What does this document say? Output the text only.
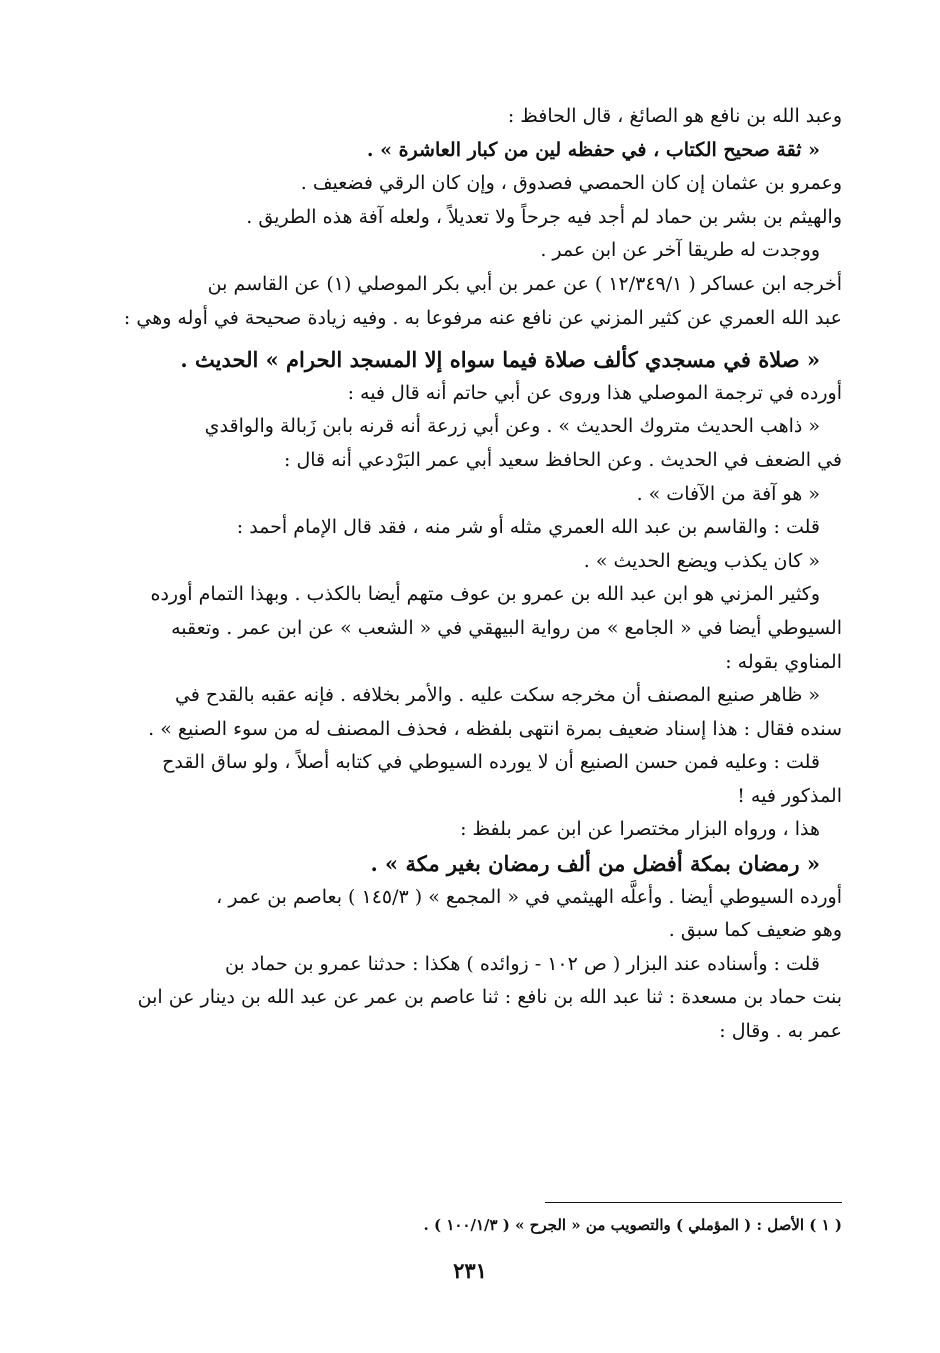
وعبد الله بن نافع هو الصائغ ، قال الحافظ :

« ثقة صحيح الكتاب ، في حفظه لين من كبار العاشرة » .

وعمرو بن عثمان إن كان الحمصي فصدوق ، وإن كان الرقي فضعيف .

والهيثم بن بشر بن حماد لم أجد فيه جرحاً ولا تعديلاً ، ولعله آفة هذه الطريق .

ووجدت له طريقا آخر عن ابن عمر .

أخرجه ابن عساكر ( ١٢/٣٤٩/١ ) عن عمر بن أبي بكر الموصلي (١) عن القاسم بن

عبد الله العمري عن كثير المزني عن نافع عنه مرفوعا به . وفيه زيادة صحيحة في أوله وهي :

« صلاة في مسجدي كألف صلاة فيما سواه إلا المسجد الحرام » الحديث .

أورده في ترجمة الموصلي هذا وروى عن أبي حاتم أنه قال فيه :

« ذاهب الحديث متروك الحديث » . وعن أبي زرعة أنه قرنه بابن زَبالة والواقدي

في الضعف في الحديث . وعن الحافظ سعيد أبي عمر البَرْدعي أنه قال :

« هو آفة من الآفات » .

قلت : والقاسم بن عبد الله العمري مثله أو شر منه ، فقد قال الإمام أحمد :

« كان يكذب ويضع الحديث » .

وكثير المزني هو ابن عبد الله بن عمرو بن عوف متهم أيضا بالكذب . وبهذا التمام أورده

السيوطي أيضا في « الجامع » من رواية البيهقي في « الشعب » عن ابن عمر . وتعقبه

المناوي بقوله :

« ظاهر صنيع المصنف أن مخرجه سكت عليه . والأمر بخلافه . فإنه عقبه بالقدح في

سنده فقال : هذا إسناد ضعيف بمرة انتهى بلفظه ، فحذف المصنف له من سوء الصنيع » .

قلت : وعليه فمن حسن الصنيع أن لا يورده السيوطي في كتابه أصلاً ، ولو ساق القدح

المذكور فيه !

هذا ، ورواه البزار مختصرا عن ابن عمر بلفظ :

« رمضان بمكة أفضل من ألف رمضان بغير مكة » .

أورده السيوطي أيضا . وأعلَّه الهيثمي في « المجمع » ( ١٤٥/٣ ) بعاصم بن عمر ،

وهو ضعيف كما سبق .

قلت : وأسناده عند البزار ( ص ١٠٢ - زوائده ) هكذا : حدثنا عمرو بن حماد بن

بنت حماد بن مسعدة : ثنا عبد الله بن نافع : ثنا عاصم بن عمر عن عبد الله بن دينار عن ابن

عمر به . وقال :

( ١ ) الأصل : ( المؤملي ) والتصويب من « الجرح » ( ١٠٠/١/٣ ) .
٢٣١
